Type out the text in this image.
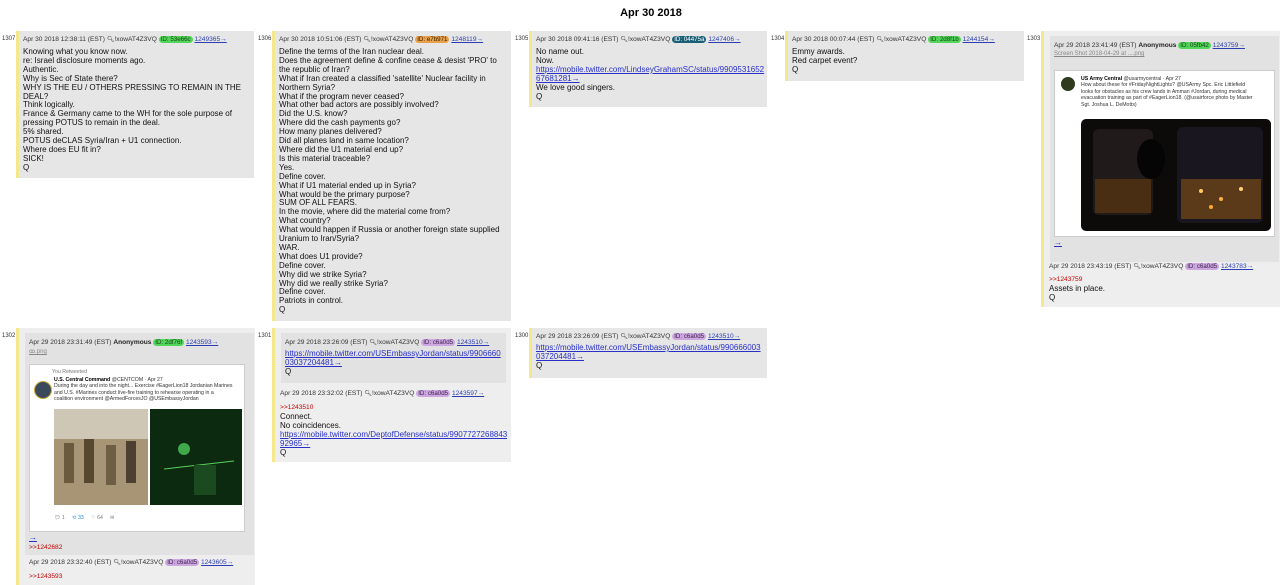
Apr 30 2018
1307	Apr 30 2018 12:38:11 (EST) 🔍︎!xowAT4Z3VQ ID: 53e66c 1249365→
Knowing what you know now.
re: Israel disclosure moments ago.
Authentic.
Why is Sec of State there?
WHY IS THE EU / OTHERS PRESSING TO REMAIN IN THE
DEAL?
Think logically.
France & Germany came to the WH for the sole purpose of
pressing POTUS to remain in the deal.
5% shared.
POTUS deCLAS Syria/Iran + U1 connection.
Where does EU fit in?
SICK!
Q
1306	Apr 30 2018 10:51:06 (EST) 🔍︎!xowAT4Z3VQ ID: e7b971 1248119→
Define the terms of the Iran nuclear deal.
Does the agreement define & confine cease & desist 'PRO' to
the republic of Iran?
What if Iran created a classified 'satellite' Nuclear facility in
Northern Syria?
What if the program never ceased?
What other bad actors are possibly involved?
Did the U.S. know?
Where did the cash payments go?
How many planes delivered?
Did all planes land in same location?
Where did the U1 material end up?
Is this material traceable?
Yes.
Define cover.
What if U1 material ended up in Syria?
What would be the primary purpose?
SUM OF ALL FEARS.
In the movie, where did the material come from?
What country?
What would happen if Russia or another foreign state supplied
Uranium to Iran/Syria?
WAR.
What does U1 provide?
Define cover.
Why did we strike Syria?
Why did we really strike Syria?
Define cover.
Patriots in control.
Q
1305	Apr 30 2018 09:41:16 (EST) 🔍︎!xowAT4Z3VQ ID: 04475a 1247406→
No name out.
Now.
https://mobile.twitter.com/LindseyGrahamSC/status/9909531652
67681281→
We love good singers.
Q
1304	Apr 30 2018 00:07:44 (EST) 🔍︎!xowAT4Z3VQ ID: 2d8f1b 1244154→
Emmy awards.
Red carpet event?
Q
1303
Apr 29 2018 23:41:49 (EST) Anonymous ID: 05fb42 1243759→
Screen Shot 2018-04-29 at ....png
US Army Central @usarmycentral · Apr 27
How about these for #FridayNightLights? @USArmy Spc. Eric Littlefield
looks for obstacles as his crew lands in Amman #Jordan, during medical
evacuation training as part of #EagerLion18. (@usairforce photo by Master
Sgt. Joshua L. DeMotts)
→
Apr 29 2018 23:43:19 (EST) 🔍︎!xowAT4Z3VQ ID: c6a0d5 1243783→
>>1243759
Assets in place.
Q
1302
Apr 29 2018 23:31:49 (EST) Anonymous ID: 2df76f 1243593→
ꝏ.png
You Retweeted
U.S. Central Command @CENTCOM · Apr 27
During the day and into the night... Exercise #EagerLion18 Jordanian Marines
and U.S. #Marines conduct live-fire training to rehearse operating in a
coalition environment @ArmedForcesJO @USEmbassyJordan
💬︎ 1 ⟲ 33 ♡ 64 ✉
→
>>1242682
Apr 29 2018 23:32:40 (EST) 🔍︎!xowAT4Z3VQ ID: c6a0d5 1243605→
>>1243593
1301
Apr 29 2018 23:26:09 (EST) 🔍︎!xowAT4Z3VQ ID: c6a0d5 1243510→
https://mobile.twitter.com/USEmbassyJordan/status/9906660
03037204481→
Q
Apr 29 2018 23:32:02 (EST) 🔍︎!xowAT4Z3VQ ID: c6a0d5 1243597→
>>1243510
Connect.
No coincidences.
https://mobile.twitter.com/DeptofDefense/status/9907727268843
92965→
Q
1300	Apr 29 2018 23:26:09 (EST) 🔍︎!xowAT4Z3VQ ID: c6a0d5 1243510→
https://mobile.twitter.com/USEmbassyJordan/status/990666003
037204481→
Q
